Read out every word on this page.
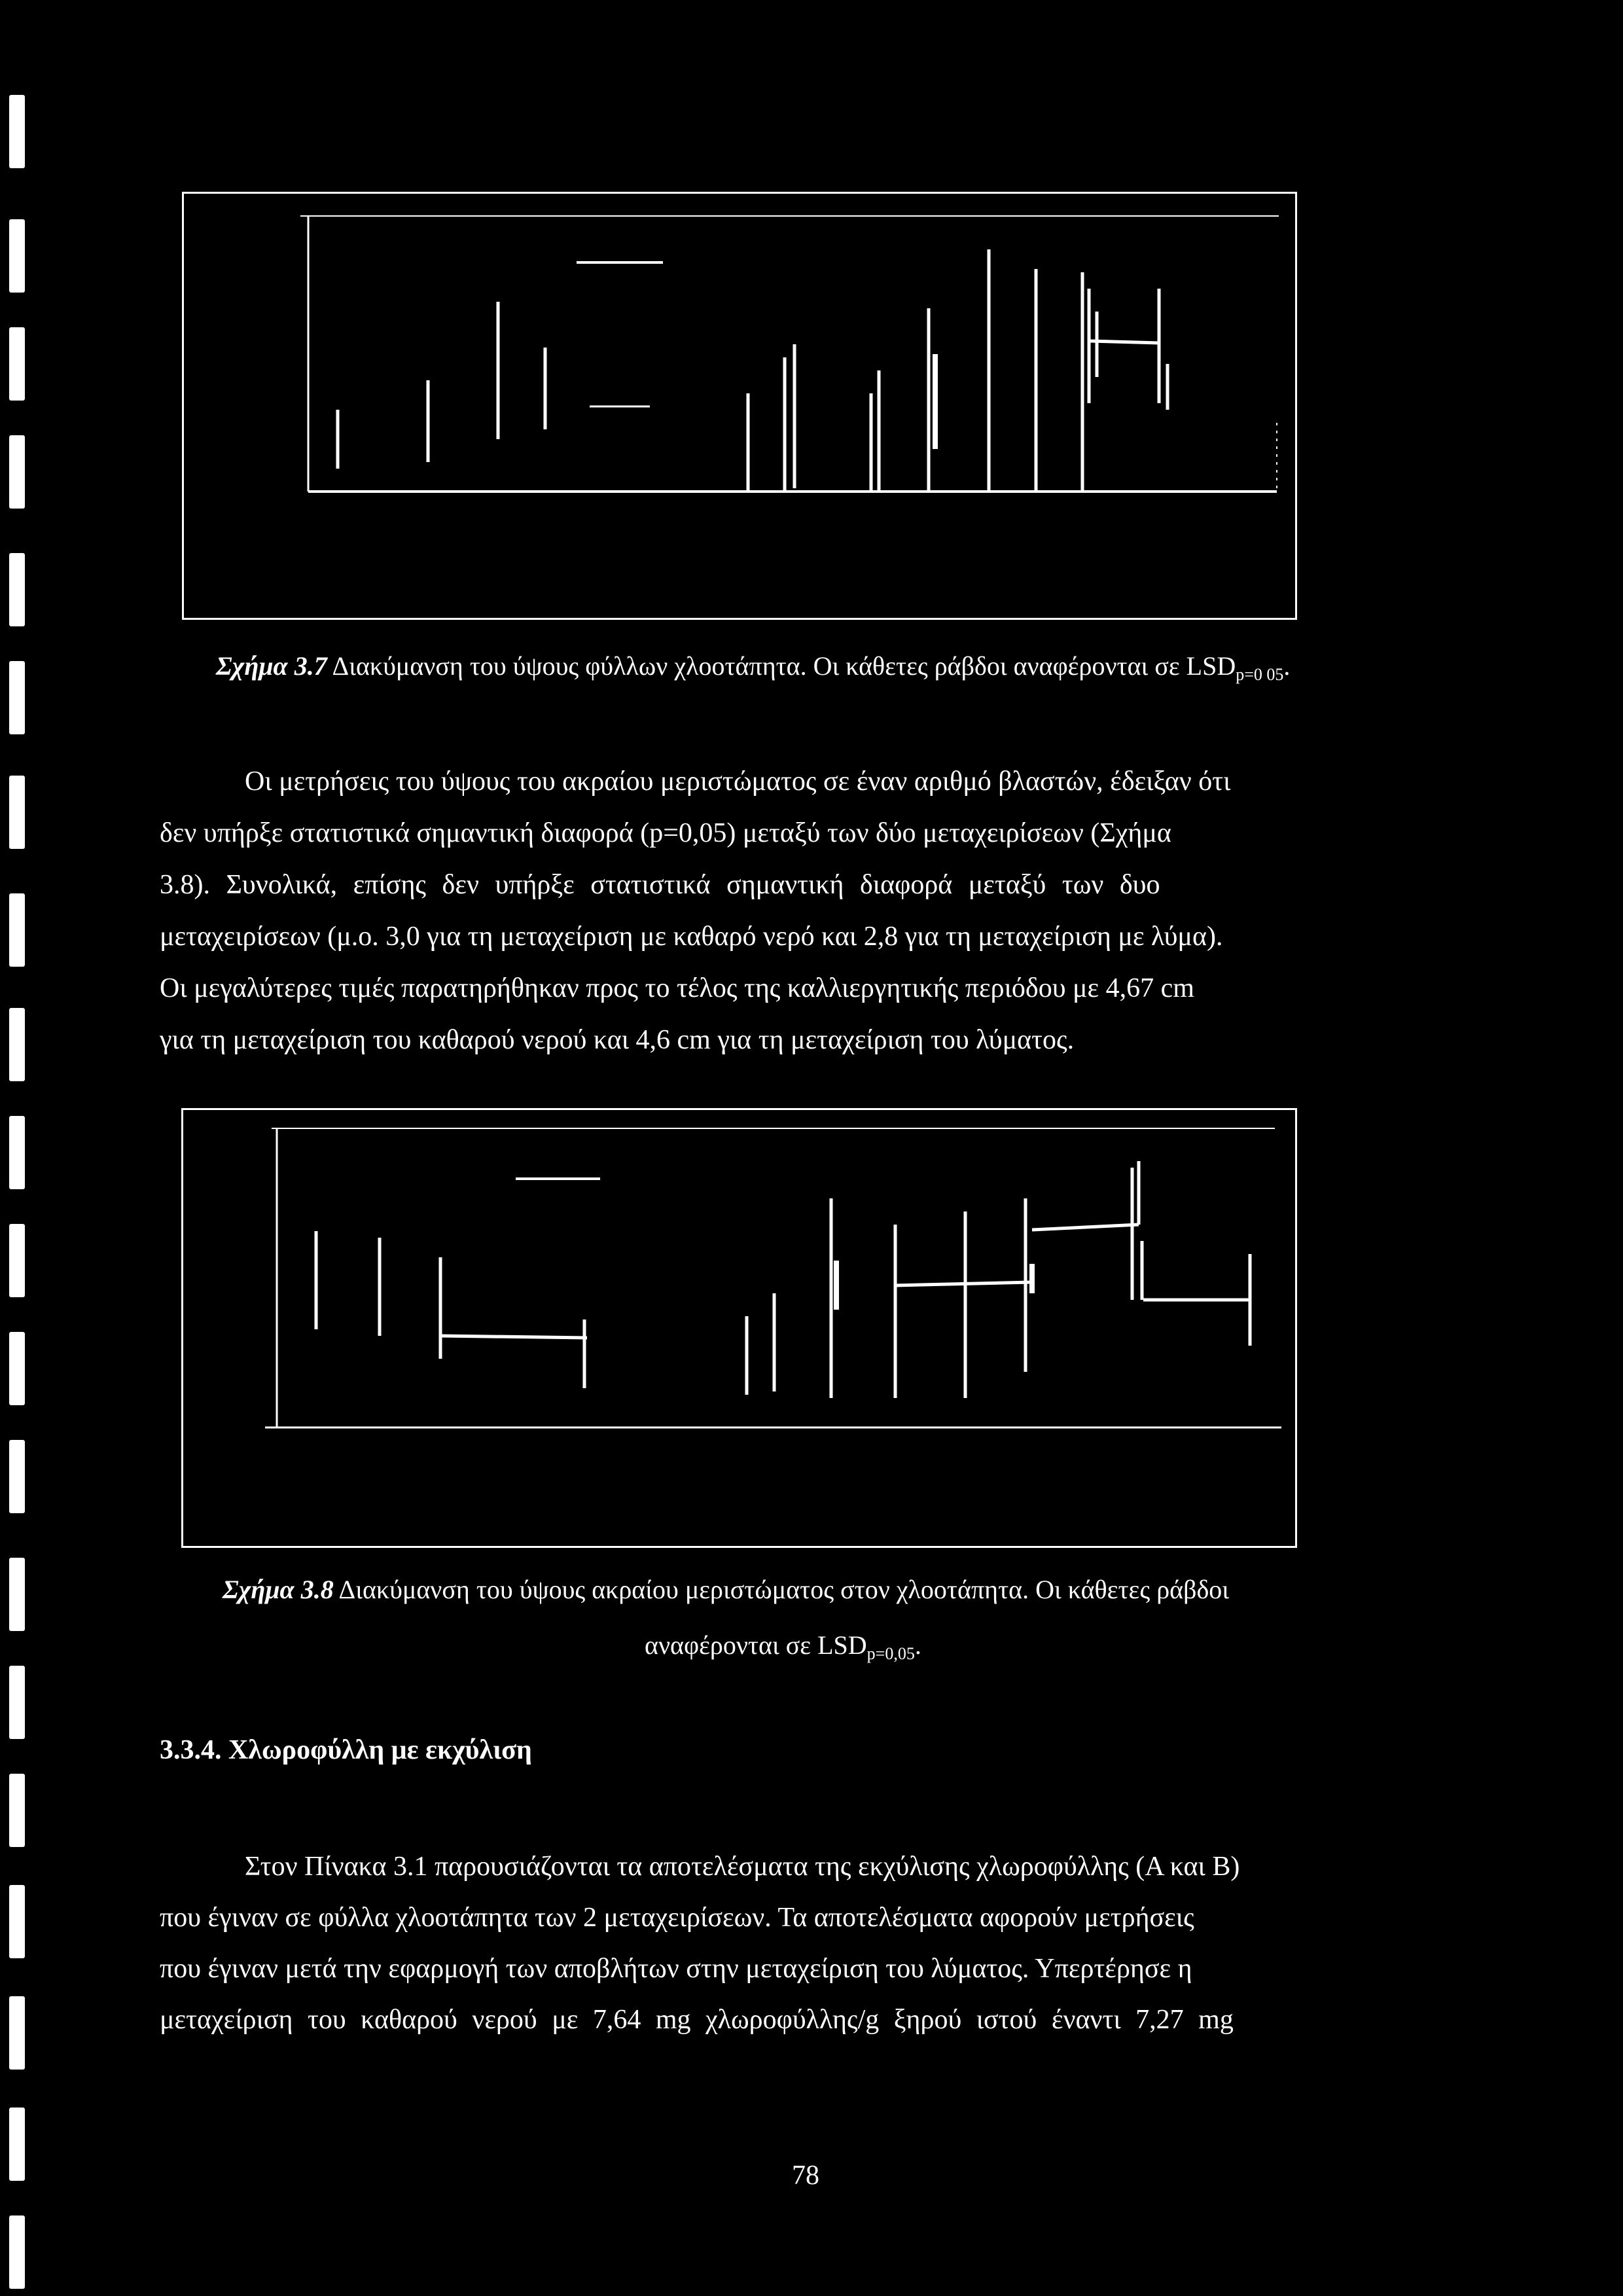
Σχήμα 3.7 Διακύμανση του ύψους φύλλων χλοοτάπητα. Οι κάθετες ράβδοι αναφέρονται σε $LSD_{p=0 05}$.
Οι μετρήσεις του ύψους του ακραίου μεριστώματος σε έναν αριθμό βλαστών, έδειξαν ότι
δεν υπήρξε στατιστικά σημαντική διαφορά (p=0,05) μεταξύ των δύο μεταχειρίσεων (Σχήμα
3.8). Συνολικά, επίσης δεν υπήρξε στατιστικά σημαντική διαφορά μεταξύ των δυο
μεταχειρίσεων (μ.ο. 3,0 για τη μεταχείριση με καθαρό νερό και 2,8 για τη μεταχείριση με λύμα).
Οι μεγαλύτερες τιμές παρατηρήθηκαν προς το τέλος της καλλιεργητικής περιόδου με 4,67 cm
για τη μεταχείριση του καθαρού νερού και 4,6 cm για τη μεταχείριση του λύματος.
Σχήμα 3.8 Διακύμανση του ύψους ακραίου μεριστώματος στον χλοοτάπητα. Οι κάθετες ράβδοι
αναφέρονται σε $LSD_{p=0,05}$.
3.3.4. Χλωροφύλλη με εκχύλιση
Στον Πίνακα 3.1 παρουσιάζονται τα αποτελέσματα της εκχύλισης χλωροφύλλης (Α και Β)
που έγιναν σε φύλλα χλοοτάπητα των 2 μεταχειρίσεων. Τα αποτελέσματα αφορούν μετρήσεις
που έγιναν μετά την εφαρμογή των αποβλήτων στην μεταχείριση του λύματος. Υπερτέρησε η
μεταχείριση του καθαρού νερού με 7,64 mg χλωροφύλλης/g ξηρού ιστού έναντι 7,27 mg
78
